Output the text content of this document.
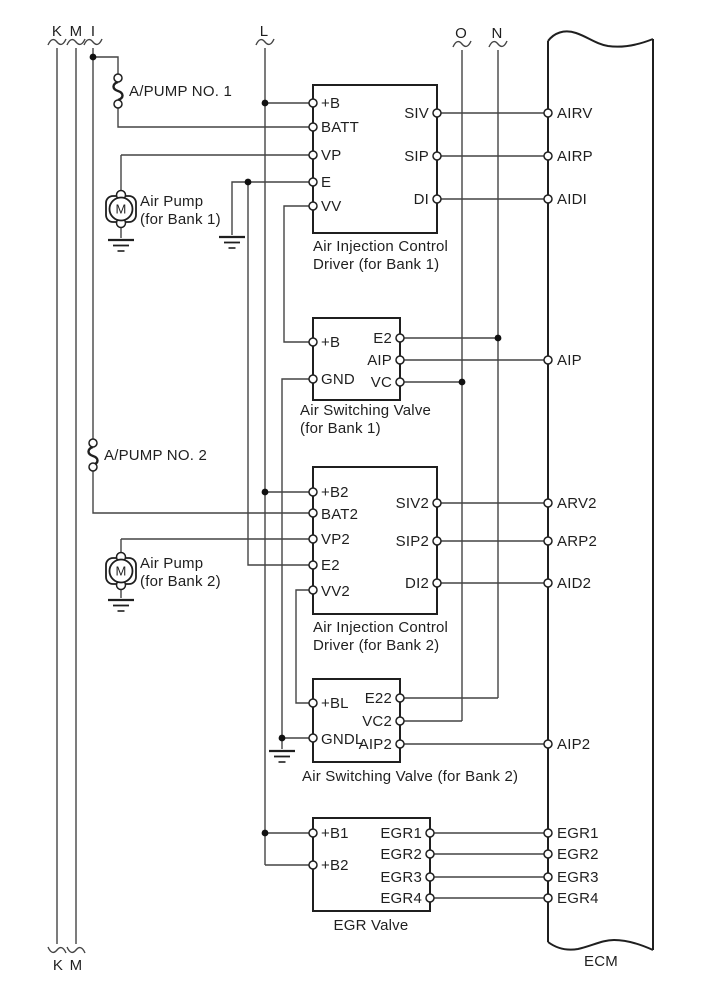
A/PUMP NO. 1
A/PUMP NO. 2
M Air Pump
(for Bank 1)
M Air Pump
(for Bank 2)
+B
BATT
VP
E
VV
SIV
SIP
DI
Air Injection Control
Driver (for Bank 1)
+B
GND
E2
AIP
VC
Air Switching Valve
(for Bank 1)
+B2
BAT2
VP2
E2
VV2
SIV2
SIP2
DI2
Air Injection Control
Driver (for Bank 2)
+BL
GNDL
E22
VC2
AIP2
Air Switching Valve (for Bank 2)
+B1
+B2
EGR1
EGR2
EGR3
EGR4
EGR Valve
AIRV
AIRP
AIDI
AIP
ARV2
ARP2
AID2
AIP2
EGR1
EGR2
EGR3
EGR4
ECM
K M I	L	O N
K M
